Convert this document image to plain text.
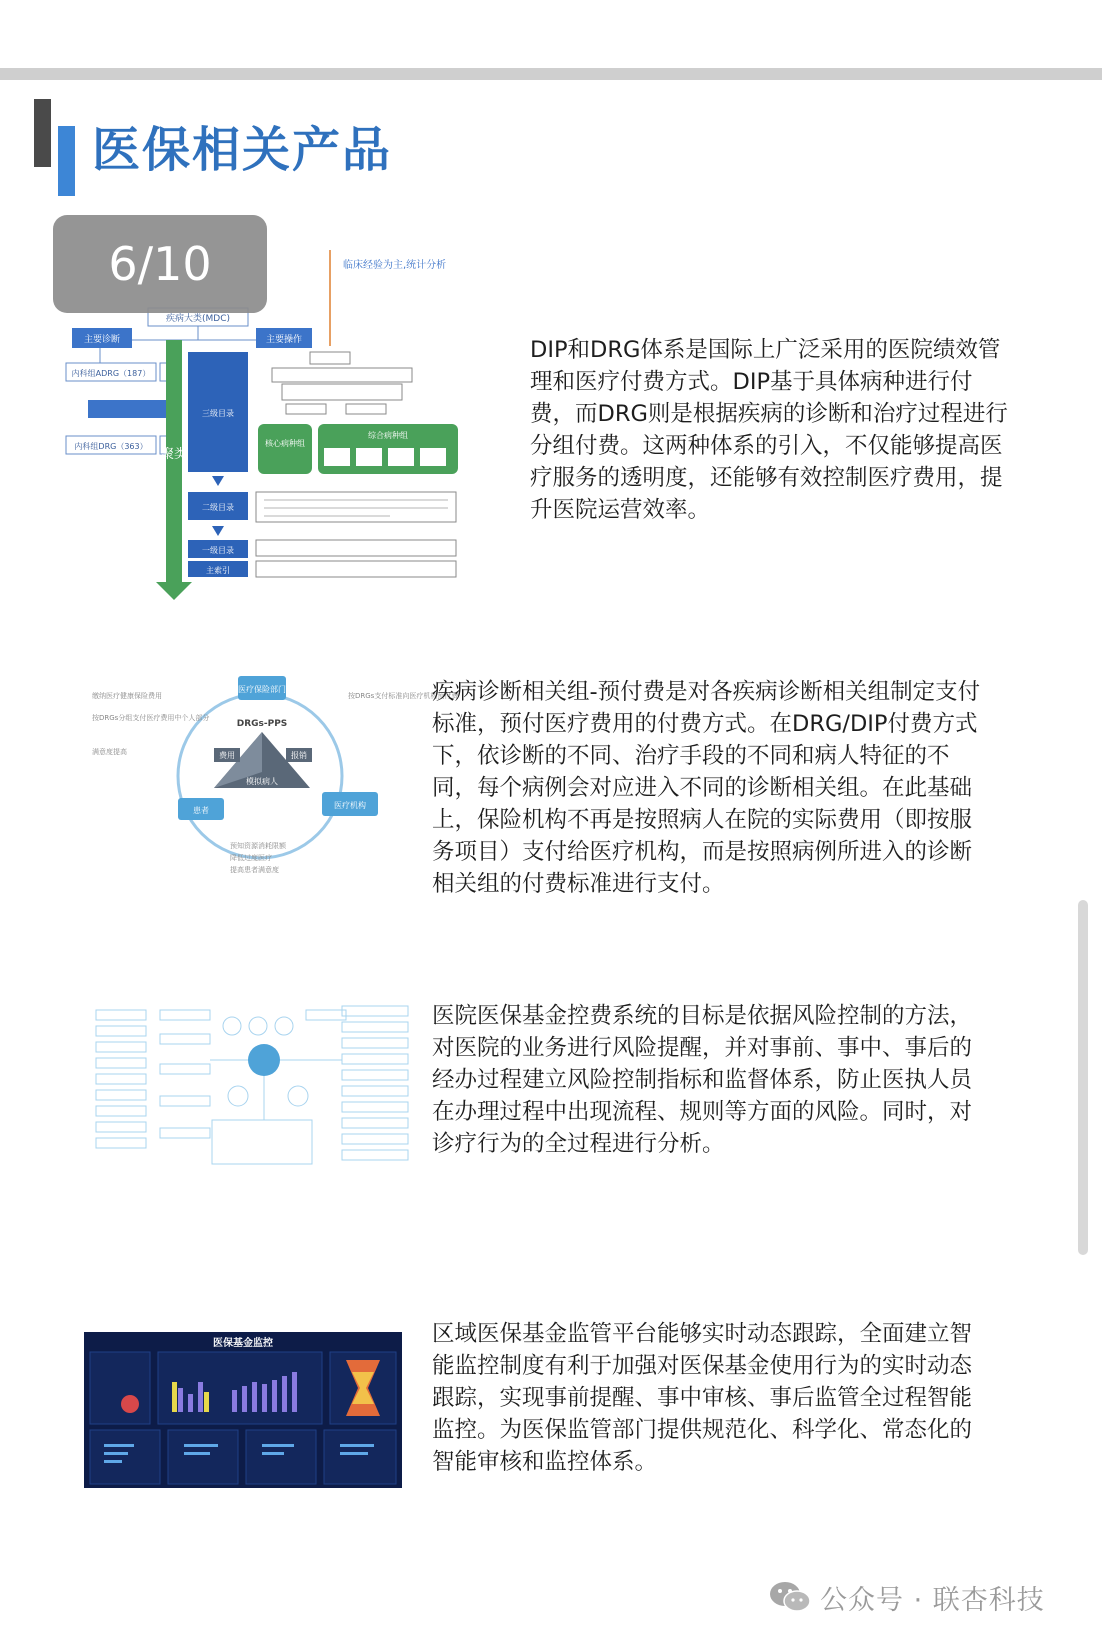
医保相关产品
疾病大类(MDC)
主要诊断	主要操作
内科组ADRG（187）
内科组DRG（363）
聚类
三级目录
二级目录
一级目录
主索引
临床经验为主,统计分析
核心病种组
综合病种组
6/10

DIP和DRG体系是国际上广泛采用的医院绩效管理和医疗付费方式。DIP基于具体病种进行付费，而DRG则是根据疾病的诊断和治疗过程进行分组付费。这两种体系的引入，不仅能够提高医疗服务的透明度，还能够有效控制医疗费用，提升医院运营效率。

医疗保险部门
患者
医疗机构
DRGs-PPS
费用	报销
模拟病人
缴纳医疗健康保险费用
按DRGs分组支付医疗费用中个人部分
满意度提高
按DRGs支付标准向医疗机构预付费
预知资源消耗限额
降低过度医疗
提高患者满意度

疾病诊断相关组-预付费是对各疾病诊断相关组制定支付标准，预付医疗费用的付费方式。在DRG/DIP付费方式下，依诊断的不同、治疗手段的不同和病人特征的不同，每个病例会对应进入不同的诊断相关组。在此基础上，保险机构不再是按照病人在院的实际费用（即按服务项目）支付给医疗机构，而是按照病例所进入的诊断相关组的付费标准进行支付。

医院医保基金控费系统的目标是依据风险控制的方法，对医院的业务进行风险提醒，并对事前、事中、事后的经办过程建立风险控制指标和监督体系，防止医执人员在办理过程中出现流程、规则等方面的风险。同时，对诊疗行为的全过程进行分析。

医保基金监控	区域医保基金监管平台能够实时动态跟踪，全面建立智能监控制度有利于加强对医保基金使用行为的实时动态跟踪，实现事前提醒、事中审核、事后监管全过程智能监控。为医保监管部门提供规范化、科学化、常态化的智能审核和监控体系。

公众号 · 联杏科技
